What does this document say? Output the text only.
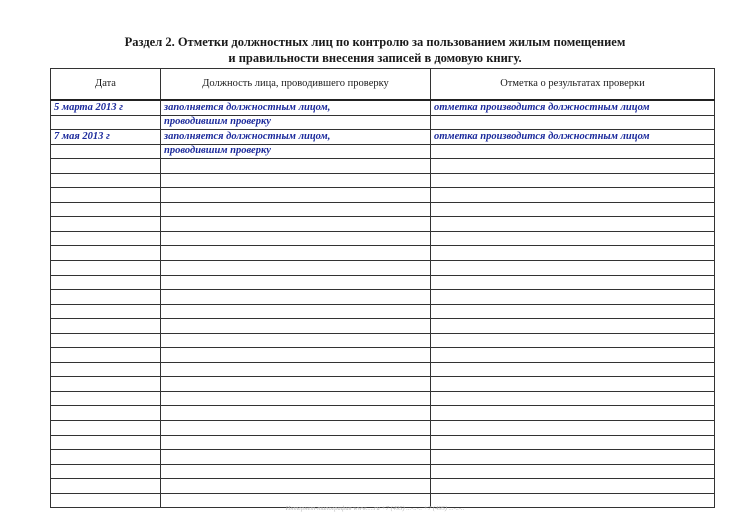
Раздел 2. Отметки должностных лиц по контролю за пользованием жилым помещением
и правильности внесения записей в домовую книгу.
Дата	Должность лица, проводившего проверку	Отметка о результатах проверки
5 марта 2013 г	заполняется должностным лицом,	отметка производится должностным лицом
	проводившим проверку	
7 мая 2013 г	заполняется должностным лицом,	отметка производится должностным лицом
	проводившим проверку	

Интернет-типография www.....ru +7 (495) ...-..-.. +7 (495) ...-..-..
